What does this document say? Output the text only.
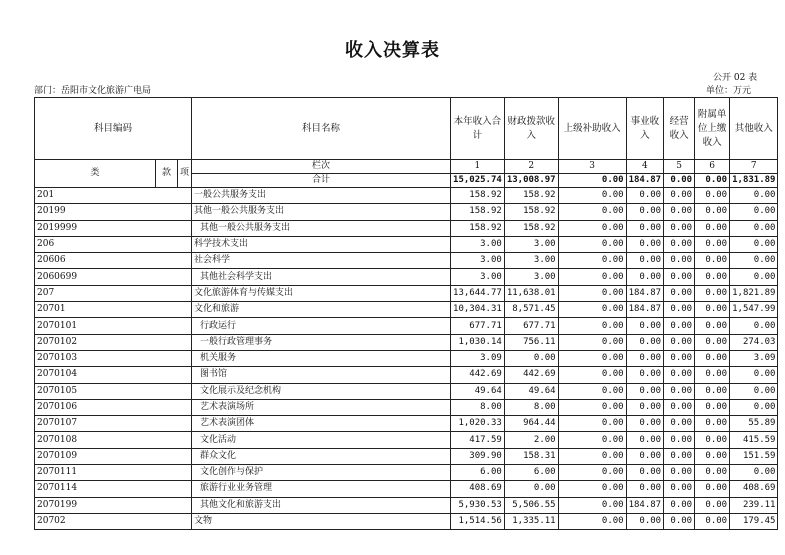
收入决算表
公开 02 表
部门：岳阳市文化旅游广电局	单位：万元
科目编码			科目名称	本年收入合计	财政拨款收入	上级补助收入	事业收入	经营收入	附属单位上缴收入	其他收入
类	款	项	栏次	1	2	3	4	5	6	7
			合计	15,025.74	13,008.97	0.00	184.87	0.00	0.00	1,831.89
201			一般公共服务支出	158.92	158.92	0.00	0.00	0.00	0.00	0.00
20199			其他一般公共服务支出	158.92	158.92	0.00	0.00	0.00	0.00	0.00
2019999			其他一般公共服务支出	158.92	158.92	0.00	0.00	0.00	0.00	0.00
206			科学技术支出	3.00	3.00	0.00	0.00	0.00	0.00	0.00
20606			社会科学	3.00	3.00	0.00	0.00	0.00	0.00	0.00
2060699			其他社会科学支出	3.00	3.00	0.00	0.00	0.00	0.00	0.00
207			文化旅游体育与传媒支出	13,644.77	11,638.01	0.00	184.87	0.00	0.00	1,821.89
20701			文化和旅游	10,304.31	8,571.45	0.00	184.87	0.00	0.00	1,547.99
2070101			行政运行	677.71	677.71	0.00	0.00	0.00	0.00	0.00
2070102			一般行政管理事务	1,030.14	756.11	0.00	0.00	0.00	0.00	274.03
2070103			机关服务	3.09	0.00	0.00	0.00	0.00	0.00	3.09
2070104			图书馆	442.69	442.69	0.00	0.00	0.00	0.00	0.00
2070105			文化展示及纪念机构	49.64	49.64	0.00	0.00	0.00	0.00	0.00
2070106			艺术表演场所	8.00	8.00	0.00	0.00	0.00	0.00	0.00
2070107			艺术表演团体	1,020.33	964.44	0.00	0.00	0.00	0.00	55.89
2070108			文化活动	417.59	2.00	0.00	0.00	0.00	0.00	415.59
2070109			群众文化	309.90	158.31	0.00	0.00	0.00	0.00	151.59
2070111			文化创作与保护	6.00	6.00	0.00	0.00	0.00	0.00	0.00
2070114			旅游行业业务管理	408.69	0.00	0.00	0.00	0.00	0.00	408.69
2070199			其他文化和旅游支出	5,930.53	5,506.55	0.00	184.87	0.00	0.00	239.11
20702			文物	1,514.56	1,335.11	0.00	0.00	0.00	0.00	179.45
